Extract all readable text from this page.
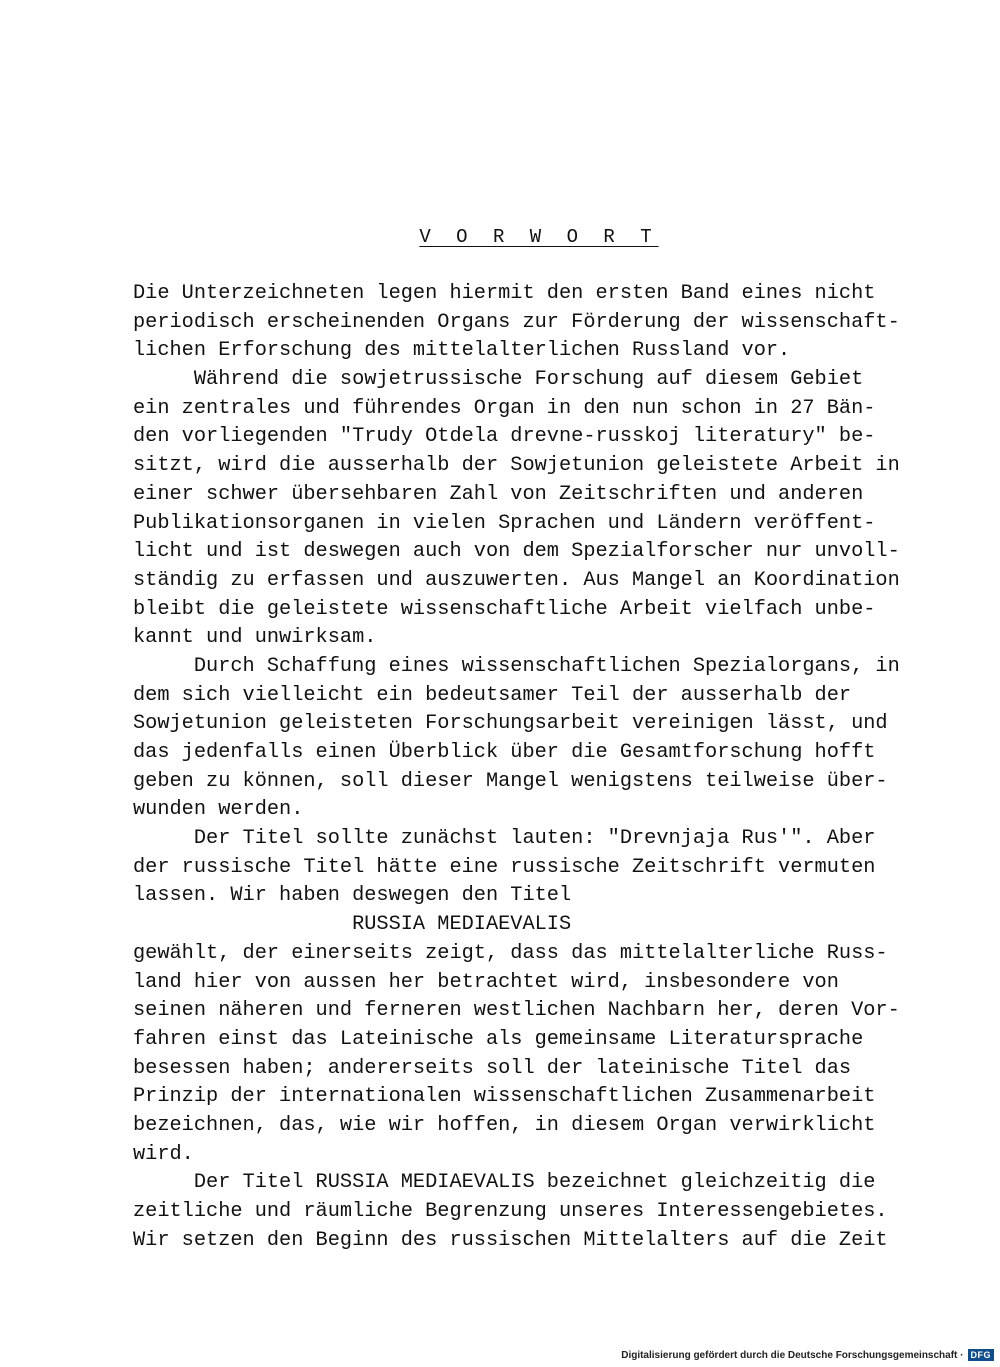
V O R W O R T
Die Unterzeichneten legen hiermit den ersten Band eines nicht
periodisch erscheinenden Organs zur Förderung der wissenschaft-
lichen Erforschung des mittelalterlichen Russland vor.
Während die sowjetrussische Forschung auf diesem Gebiet
ein zentrales und führendes Organ in den nun schon in 27 Bän-
den vorliegenden "Trudy Otdela drevne-russkoj literatury" be-
sitzt, wird die ausserhalb der Sowjetunion geleistete Arbeit in
einer schwer übersehbaren Zahl von Zeitschriften und anderen
Publikationsorganen in vielen Sprachen und Ländern veröffent-
licht und ist deswegen auch von dem Spezialforscher nur unvoll-
ständig zu erfassen und auszuwerten. Aus Mangel an Koordination
bleibt die geleistete wissenschaftliche Arbeit vielfach unbe-
kannt und unwirksam.
Durch Schaffung eines wissenschaftlichen Spezialorgans, in
dem sich vielleicht ein bedeutsamer Teil der ausserhalb der
Sowjetunion geleisteten Forschungsarbeit vereinigen lässt, und
das jedenfalls einen Überblick über die Gesamtforschung hofft
geben zu können, soll dieser Mangel wenigstens teilweise über-
wunden werden.
Der Titel sollte zunächst lauten: "Drevnjaja Rus'". Aber
der russische Titel hätte eine russische Zeitschrift vermuten
lassen. Wir haben deswegen den Titel
RUSSIA MEDIAEVALIS
gewählt, der einerseits zeigt, dass das mittelalterliche Russ-
land hier von aussen her betrachtet wird, insbesondere von
seinen näheren und ferneren westlichen Nachbarn her, deren Vor-
fahren einst das Lateinische als gemeinsame Literatursprache
besessen haben; andererseits soll der lateinische Titel das
Prinzip der internationalen wissenschaftlichen Zusammenarbeit
bezeichnen, das, wie wir hoffen, in diesem Organ verwirklicht
wird.
Der Titel RUSSIA MEDIAEVALIS bezeichnet gleichzeitig die
zeitliche und räumliche Begrenzung unseres Interessengebietes.
Wir setzen den Beginn des russischen Mittelalters auf die Zeit
Digitalisierung gefördert durch die Deutsche Forschungsgemeinschaft · DFG
